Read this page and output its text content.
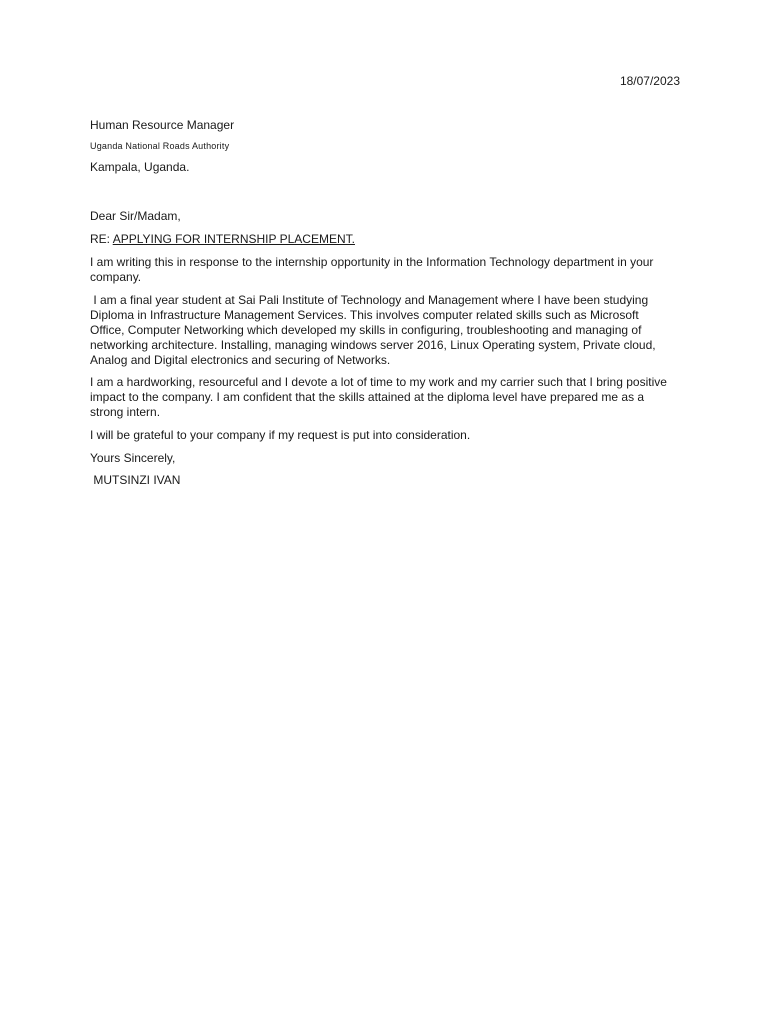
18/07/2023
Human Resource Manager
Uganda National Roads Authority
Kampala, Uganda.
Dear Sir/Madam,
RE: APPLYING FOR INTERNSHIP PLACEMENT.

I am writing this in response to the internship opportunity in the Information Technology department in your company.

I am a final year student at Sai Pali Institute of Technology and Management where I have been studying Diploma in Infrastructure Management Services. This involves computer related skills such as Microsoft Office, Computer Networking which developed my skills in configuring, troubleshooting and managing of networking architecture. Installing, managing windows server 2016, Linux Operating system, Private cloud, Analog and Digital electronics and securing of Networks.

I am a hardworking, resourceful and I devote a lot of time to my work and my carrier such that I bring positive impact to the company. I am confident that the skills attained at the diploma level have prepared me as a strong intern.

I will be grateful to your company if my request is put into consideration.

Yours Sincerely,
MUTSINZI IVAN
